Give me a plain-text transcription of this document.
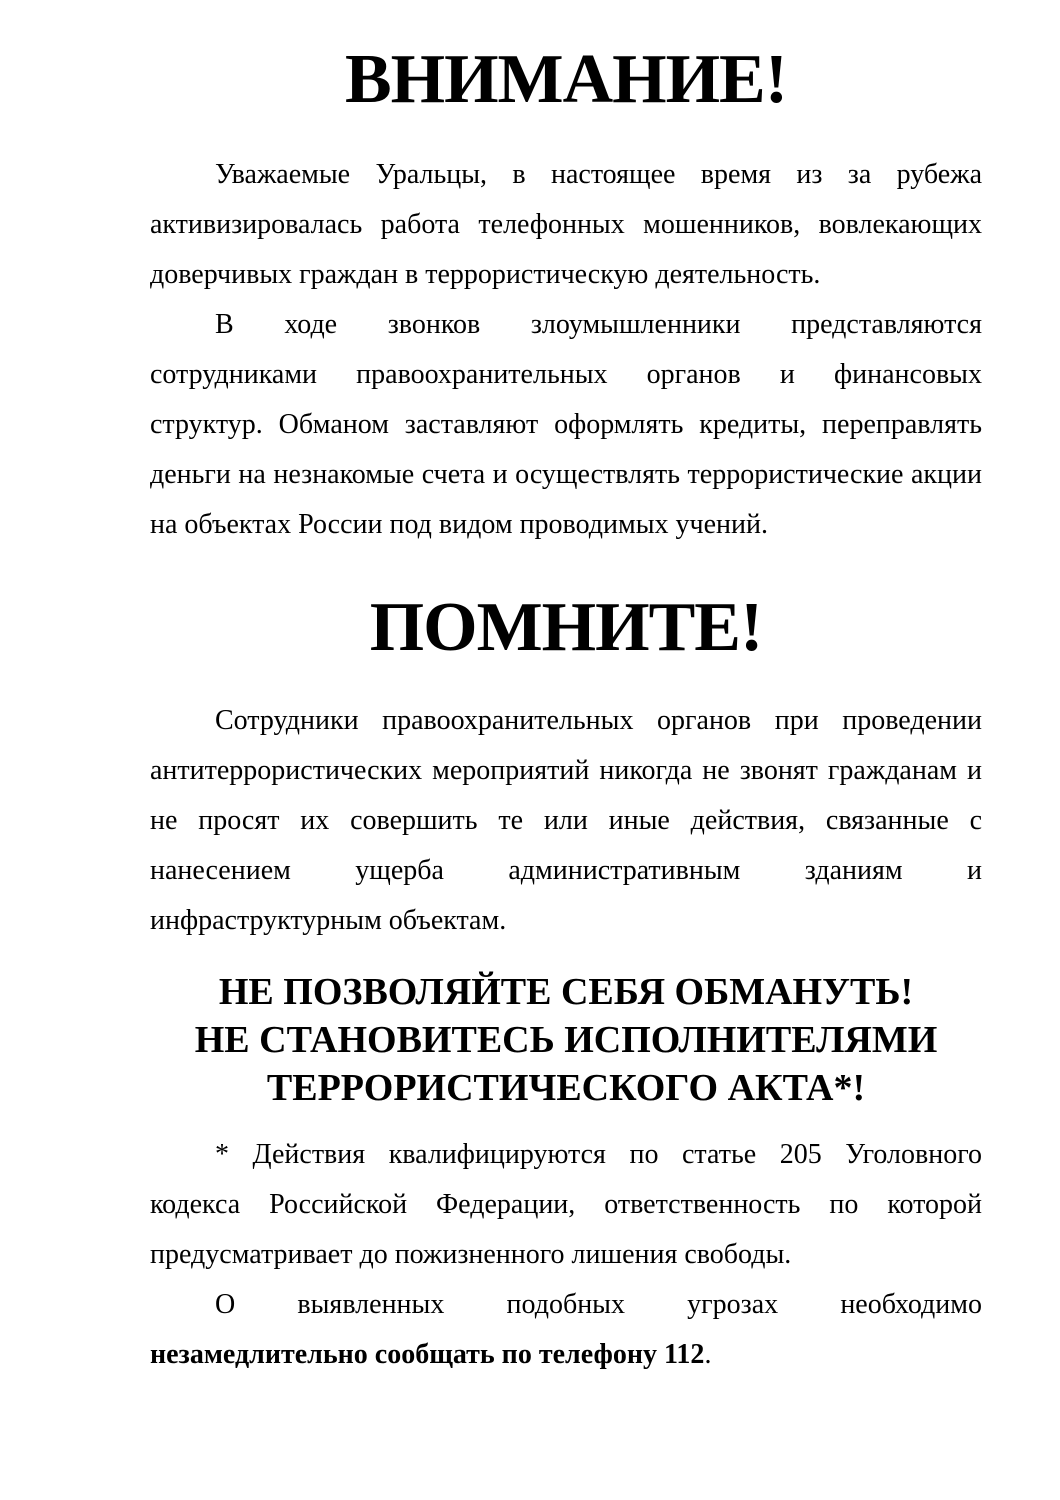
ВНИМАНИЕ!
Уважаемые Уральцы, в настоящее время из за рубежа
активизировалась работа телефонных мошенников, вовлекающих
доверчивых граждан в террористическую деятельность.
В ходе звонков злоумышленники представляются
сотрудниками правоохранительных органов и финансовых
структур. Обманом заставляют оформлять кредиты, переправлять
деньги на незнакомые счета и осуществлять террористические акции
на объектах России под видом проводимых учений.
ПОМНИТЕ!
Сотрудники правоохранительных органов при проведении
антитеррористических мероприятий никогда не звонят гражданам и
не просят их совершить те или иные действия, связанные с
нанесением ущерба административным зданиям и
инфраструктурным объектам.
НЕ ПОЗВОЛЯЙТЕ СЕБЯ ОБМАНУТЬ!
НЕ СТАНОВИТЕСЬ ИСПОЛНИТЕЛЯМИ
ТЕРРОРИСТИЧЕСКОГО АКТА*!
* Действия квалифицируются по статье 205 Уголовного
кодекса Российской Федерации, ответственность по которой
предусматривает до пожизненного лишения свободы.
О выявленных подобных угрозах необходимо
незамедлительно сообщать по телефону 112.
